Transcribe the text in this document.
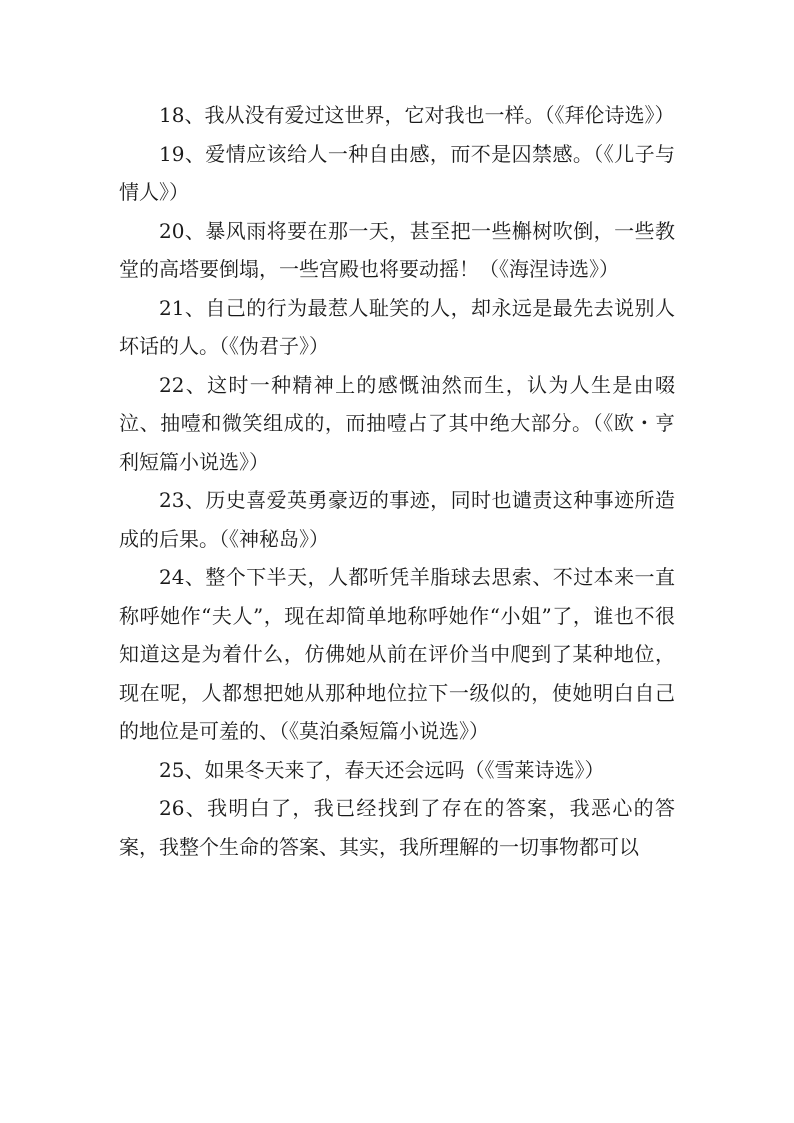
18、我从没有爱过这世界，它对我也一样。（《拜伦诗选》）

19、爱情应该给人一种自由感，而不是囚禁感。（《儿子与情人》）

20、暴风雨将要在那一天，甚至把一些槲树吹倒，一些教堂的高塔要倒塌，一些宫殿也将要动摇！（《海涅诗选》）

21、自己的行为最惹人耻笑的人，却永远是最先去说别人坏话的人。（《伪君子》）

22、这时一种精神上的感慨油然而生，认为人生是由啜泣、抽噎和微笑组成的，而抽噎占了其中绝大部分。（《欧・亨利短篇小说选》）

23、历史喜爱英勇豪迈的事迹，同时也谴责这种事迹所造成的后果。（《神秘岛》）

24、整个下半天，人都听凭羊脂球去思索、不过本来一直称呼她作“夫人”，现在却简单地称呼她作“小姐”了，谁也不很知道这是为着什么，仿佛她从前在评价当中爬到了某种地位，现在呢，人都想把她从那种地位拉下一级似的，使她明白自己的地位是可羞的、（《莫泊桑短篇小说选》）

25、如果冬天来了，春天还会远吗（《雪莱诗选》）

26、我明白了，我已经找到了存在的答案，我恶心的答案，我整个生命的答案、其实，我所理解的一切事物都可以
